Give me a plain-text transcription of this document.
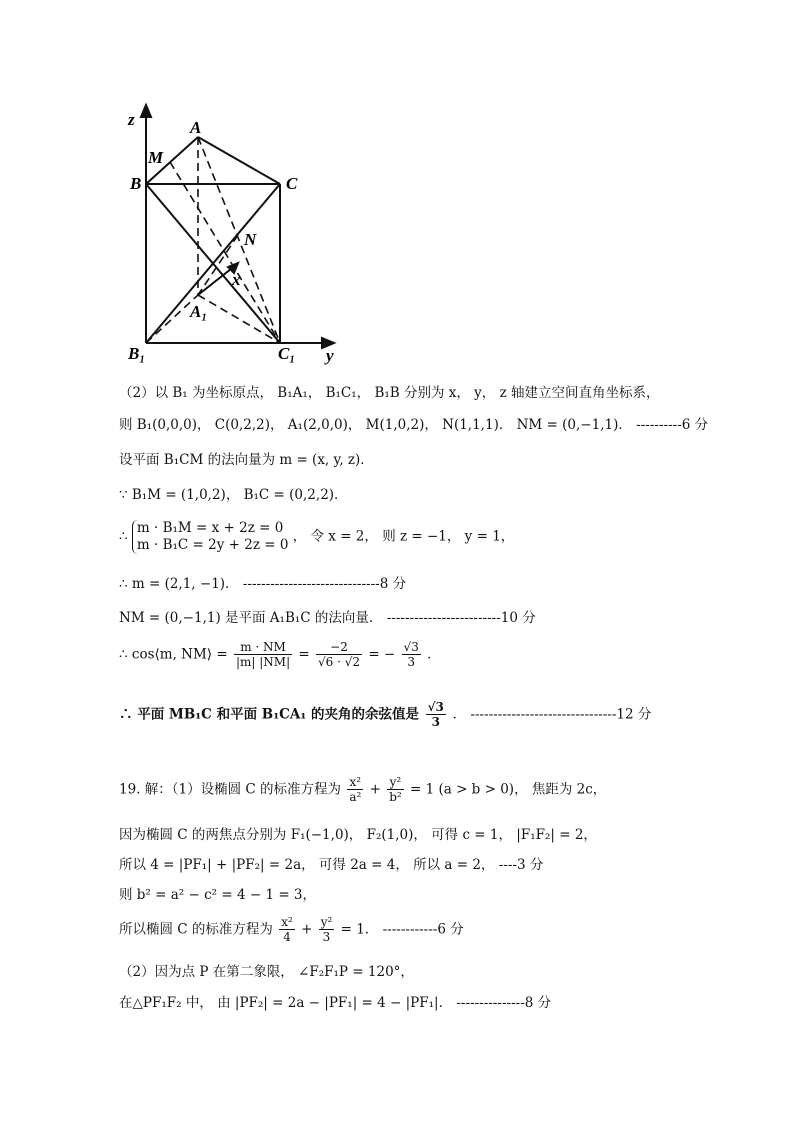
z	A
M
B	C
N
x
A₁
B₁	C₁ y
（2）以 B₁ 为坐标原点， B₁A₁， B₁C₁， B₁B 分别为 x， y， z 轴建立空间直角坐标系，
则 B₁(0,0,0)， C(0,2,2)， A₁(2,0,0)， M(1,0,2)， N(1,1,1)． NM = (0,−1,1)． ----------6 分
设平面 B₁CM 的法向量为 m = (x, y, z)．
∵ B₁M = (1,0,2)， B₁C = (0,2,2)．
∴
m · B₁M = x + 2z = 0
m · B₁C = 2y + 2z = 0
， 令 x = 2， 则 z = −1， y = 1，
∴ m = (2,1, −1)． ------------------------------8 分
NM = (0,−1,1) 是平面 A₁B₁C 的法向量． -------------------------10 分
∴ cos⟨m, NM⟩ = $\frac{m \cdot NM}{|m| |NM|} = \frac{-2}{√6 \cdot √2}$ = − $\frac{√3}{3}$ ．
∴ 平面 MB₁C 和平面 B₁CA₁ 的夹角的余弦值是 $\frac{√3}{3}$ ． --------------------------------12 分
19. 解：（1）设椭圆 C 的标准方程为 $\frac{\text{x²}}{\text{a²}} + \frac{\text{y²}}{\text{b²}} = 1$ (a > b > 0)， 焦距为 2c，
因为椭圆 C 的两焦点分别为 F₁(−1,0)， F₂(1,0)， 可得 c = 1， |F₁F₂| = 2，
所以 4 = |PF₁| + |PF₂| = 2a， 可得 2a = 4， 所以 a = 2， ----3 分
则 b² = a² − c² = 4 − 1 = 3，
所以椭圆 C 的标准方程为 $\frac{\text{x²}}{4} + \frac{\text{y²}}{3} = 1$． ------------6 分
（2）因为点 P 在第二象限， ∠F₂F₁P = 120°，
在△PF₁F₂ 中， 由 |PF₂| = 2a − |PF₁| = 4 − |PF₁|． ---------------8 分
